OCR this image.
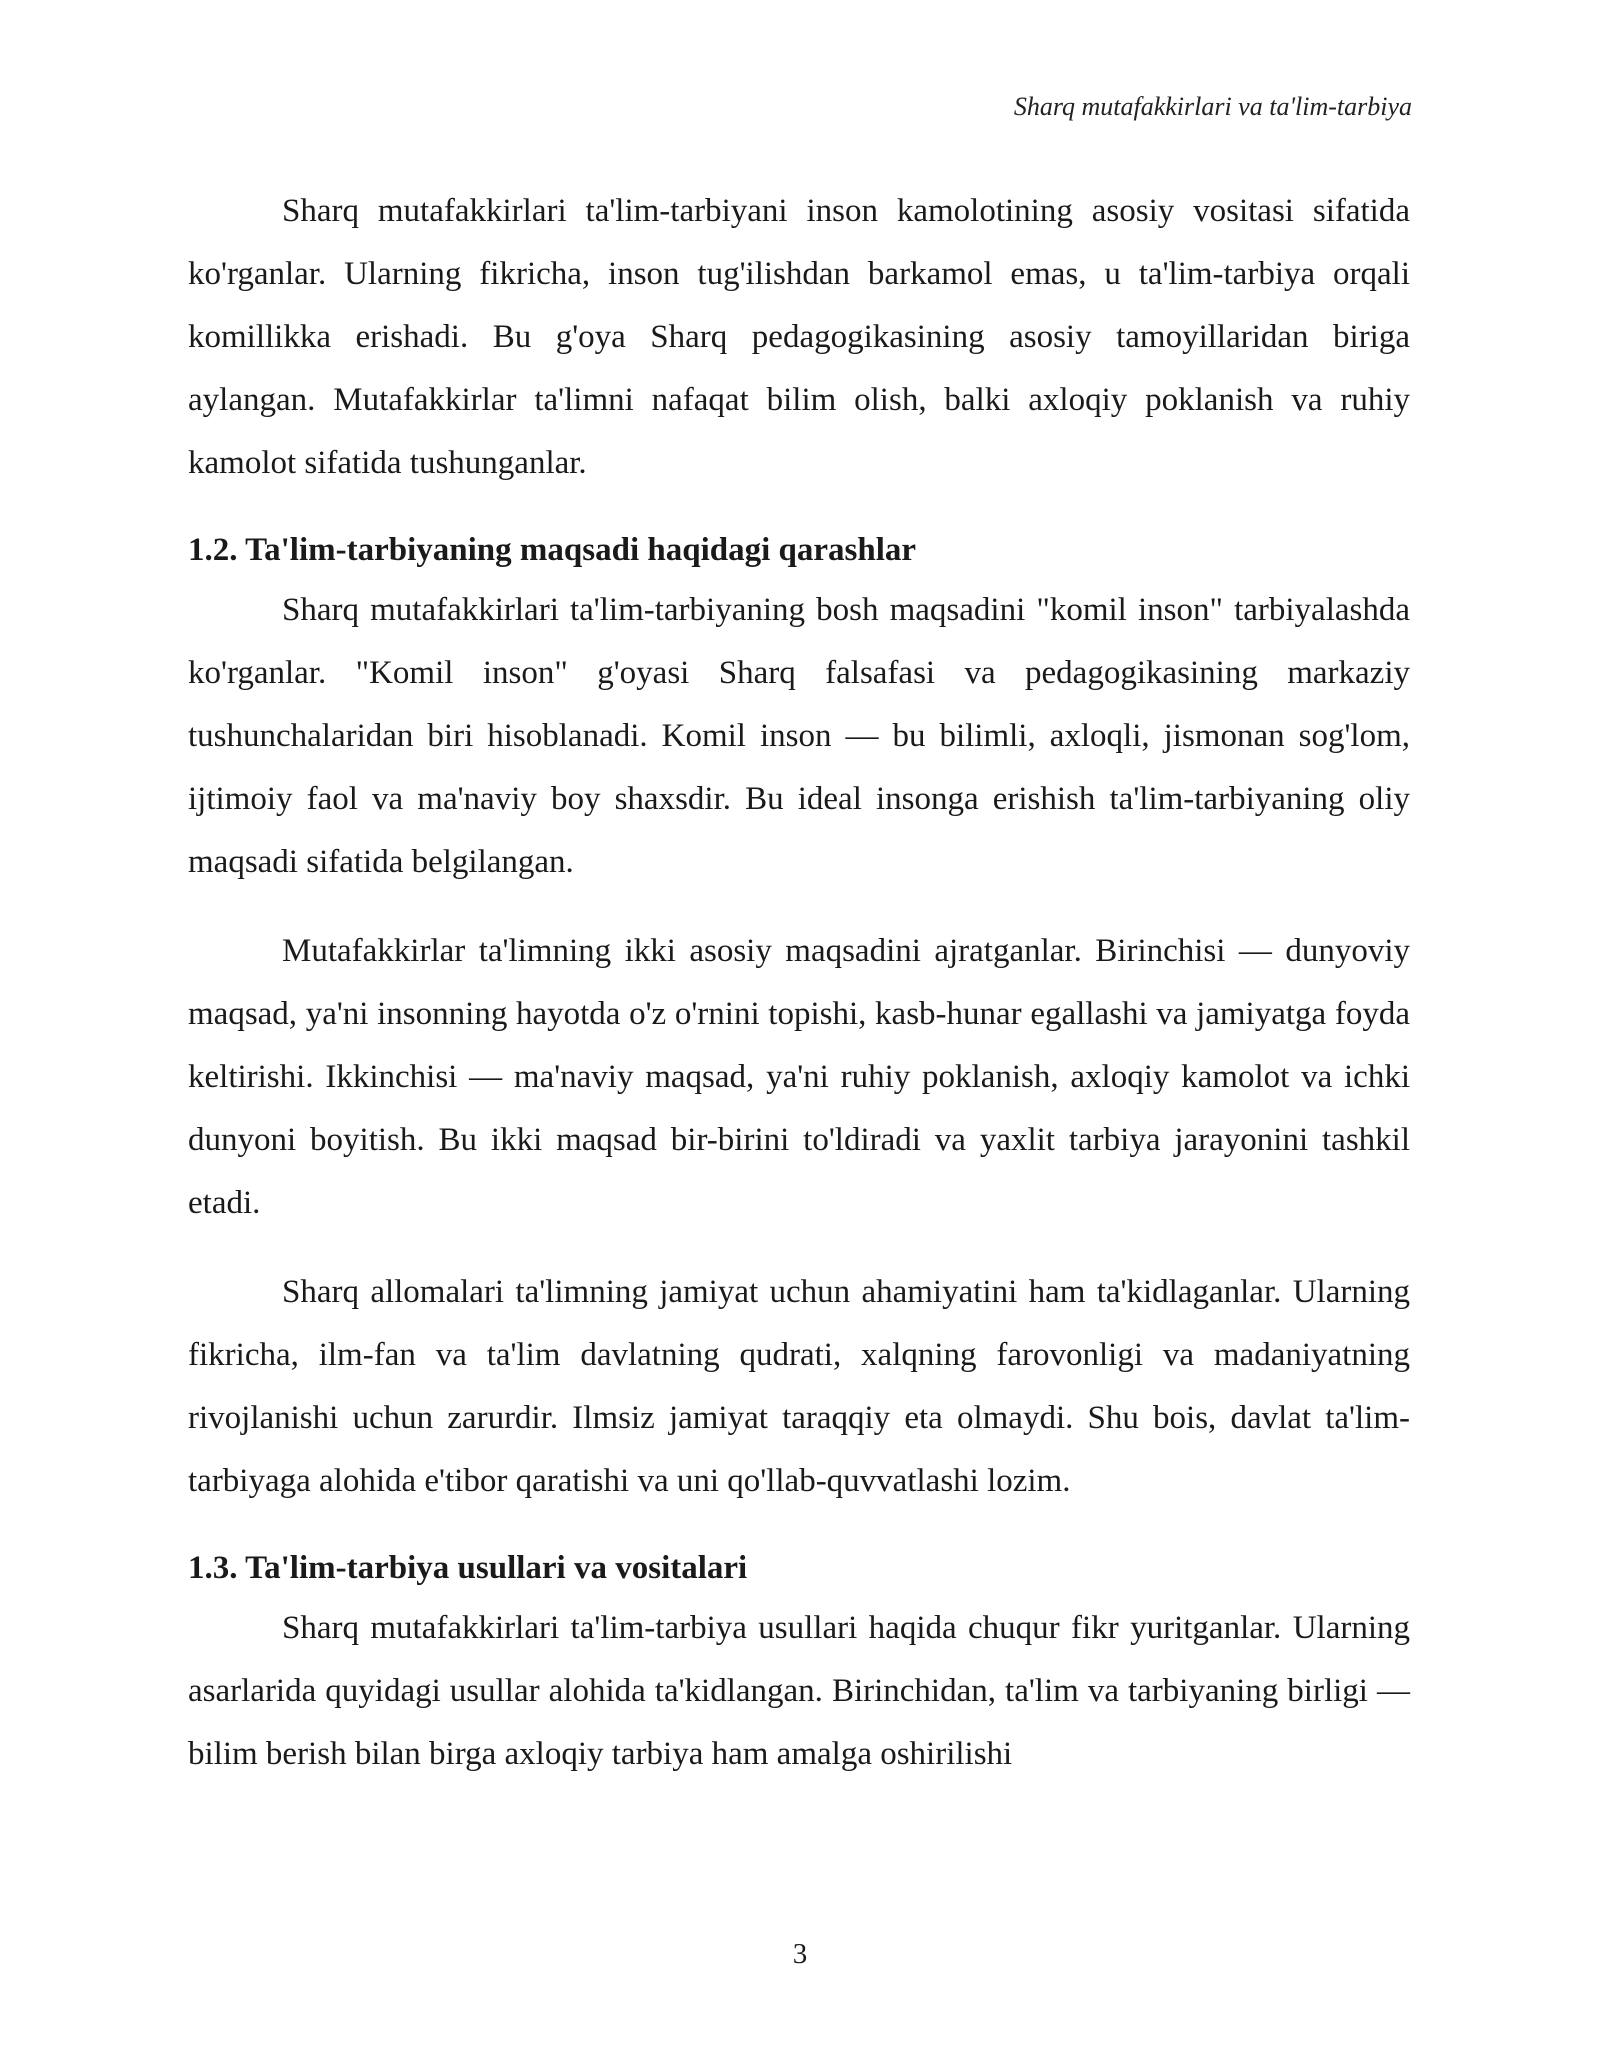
Sharq mutafakkirlari va ta'lim-tarbiya

Sharq mutafakkirlari ta'lim-tarbiyani inson kamolotining asosiy vositasi sifatida ko'rganlar. Ularning fikricha, inson tug'ilishdan barkamol emas, u ta'lim-tarbiya orqali komillikka erishadi. Bu g'oya Sharq pedagogikasining asosiy tamoyillaridan biriga aylangan. Mutafakkirlar ta'limni nafaqat bilim olish, balki axloqiy poklanish va ruhiy kamolot sifatida tushunganlar.

1.2. Ta'lim-tarbiyaning maqsadi haqidagi qarashlar

Sharq mutafakkirlari ta'lim-tarbiyaning bosh maqsadini "komil inson" tarbiyalashda ko'rganlar. "Komil inson" g'oyasi Sharq falsafasi va pedagogikasining markaziy tushunchalaridan biri hisoblanadi. Komil inson — bu bilimli, axloqli, jismonan sog'lom, ijtimoiy faol va ma'naviy boy shaxsdir. Bu ideal insonga erishish ta'lim-tarbiyaning oliy maqsadi sifatida belgilangan.

Mutafakkirlar ta'limning ikki asosiy maqsadini ajratganlar. Birinchisi — dunyoviy maqsad, ya'ni insonning hayotda o'z o'rnini topishi, kasb-hunar egallashi va jamiyatga foyda keltirishi. Ikkinchisi — ma'naviy maqsad, ya'ni ruhiy poklanish, axloqiy kamolot va ichki dunyoni boyitish. Bu ikki maqsad bir-birini to'ldiradi va yaxlit tarbiya jarayonini tashkil etadi.

Sharq allomalari ta'limning jamiyat uchun ahamiyatini ham ta'kidlaganlar. Ularning fikricha, ilm-fan va ta'lim davlatning qudrati, xalqning farovonligi va madaniyatning rivojlanishi uchun zarurdir. Ilmsiz jamiyat taraqqiy eta olmaydi. Shu bois, davlat ta'lim-tarbiyaga alohida e'tibor qaratishi va uni qo'llab-quvvatlashi lozim.

1.3. Ta'lim-tarbiya usullari va vositalari

Sharq mutafakkirlari ta'lim-tarbiya usullari haqida chuqur fikr yuritganlar. Ularning asarlarida quyidagi usullar alohida ta'kidlangan. Birinchidan, ta'lim va tarbiyaning birligi — bilim berish bilan birga axloqiy tarbiya ham amalga oshirilishi

3
